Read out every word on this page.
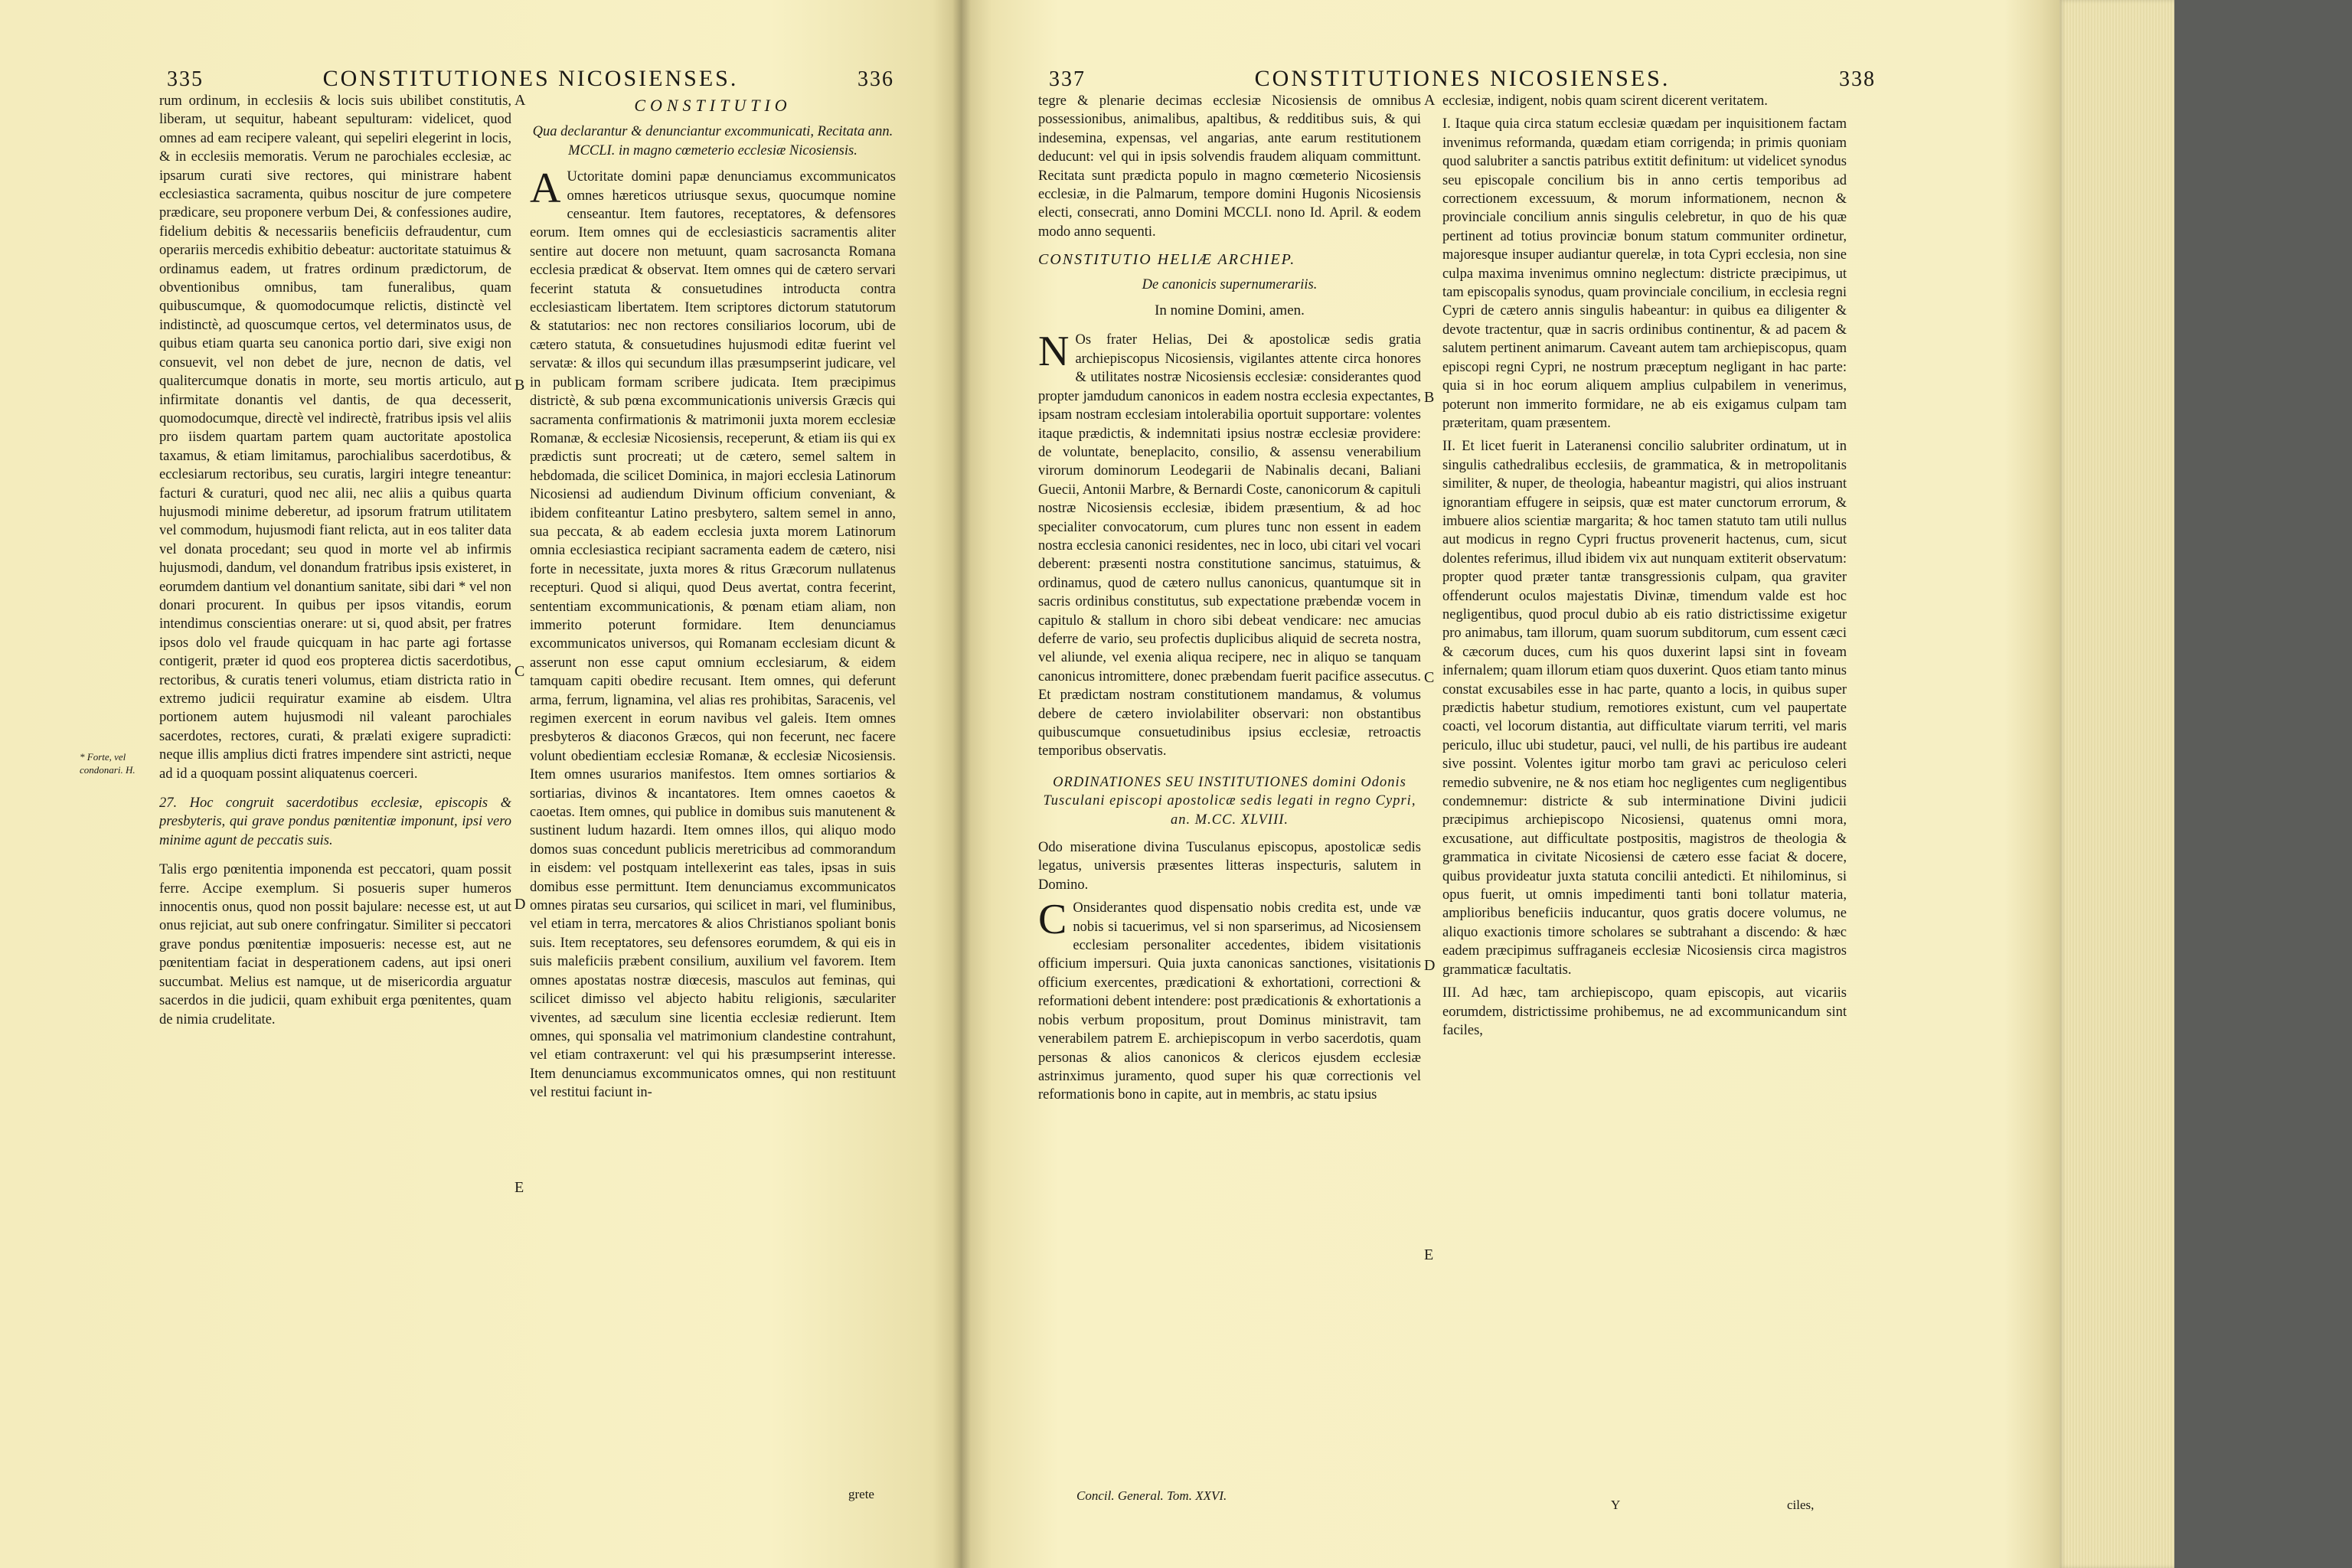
335	CONSTITUTIONES NICOSIENSES.	336

rum ordinum, in ecclesiis & locis suis ubilibet constitutis, liberam, ut sequitur, habeant sepulturam: videlicet, quod omnes ad eam recipere valeant, qui sepeliri elegerint in locis, & in ecclesiis memoratis. Verum ne parochiales ecclesiæ, ac ipsarum curati sive rectores, qui ministrare habent ecclesiastica sacramenta, quibus noscitur de jure competere prædicare, seu proponere verbum Dei, & confessiones audire, fidelium debitis & necessariis beneficiis defraudentur, cum operariis mercedis exhibitio debeatur: auctoritate statuimus & ordinamus eadem, ut fratres ordinum prædictorum, de obventionibus omnibus, tam funeralibus, quam quibuscumque, & quomodocumque relictis, distinctè vel indistinctè, ad quoscumque certos, vel determinatos usus, de quibus etiam quarta seu canonica portio dari, sive exigi non consuevit, vel non debet de jure, necnon de datis, vel qualitercumque donatis in morte, seu mortis articulo, aut infirmitate donantis vel dantis, de qua decesserit, quomodocumque, directè vel indirectè, fratribus ipsis vel aliis pro iisdem quartam partem quam auctoritate apostolica taxamus, & etiam limitamus, parochialibus sacerdotibus, & ecclesiarum rectoribus, seu curatis, largiri integre teneantur: facturi & curaturi, quod nec alii, nec aliis a quibus quarta hujusmodi minime deberetur, ad ipsorum fratrum utilitatem vel commodum, hujusmodi fiant relicta, aut in eos taliter data vel donata procedant; seu quod in morte vel ab infirmis hujusmodi, dandum, vel donandum fratribus ipsis existeret, in eorumdem dantium vel donantium sanitate, sibi dari * vel non donari procurent. In quibus per ipsos vitandis, eorum intendimus conscientias onerare: ut si, quod absit, per fratres ipsos dolo vel fraude quicquam in hac parte agi fortasse contigerit, præter id quod eos propterea dictis sacerdotibus, rectoribus, & curatis teneri volumus, etiam districta ratio in extremo judicii requiratur examine ab eisdem. Ultra portionem autem hujusmodi nil valeant parochiales sacerdotes, rectores, curati, & prælati exigere supradicti: neque illis amplius dicti fratres impendere sint astricti, neque ad id a quoquam possint aliquatenus coerceri.

27. Hoc congruit sacerdotibus ecclesiæ, episcopis & presbyteris, qui grave pondus pœnitentiæ imponunt, ipsi vero minime agunt de peccatis suis.

Talis ergo pœnitentia imponenda est peccatori, quam possit ferre. Accipe exemplum. Si posueris super humeros innocentis onus, quod non possit bajulare: necesse est, ut aut onus rejiciat, aut sub onere confringatur. Similiter si peccatori grave pondus pœnitentiæ imposueris: necesse est, aut ne pœnitentiam faciat in desperationem cadens, aut ipsi oneri succumbat. Melius est namque, ut de misericordia arguatur sacerdos in die judicii, quam exhibuit erga pœnitentes, quam de nimia crudelitate.

* Forte, vel condonari. H.
CONSTITUTIO
Qua declarantur & denunciantur excommunicati, Recitata ann. MCCLI. in magno cœmeterio ecclesiæ Nicosiensis.

A Uctoritate domini papæ denunciamus excommunicatos omnes hæreticos utriusque sexus, quocumque nomine censeantur. Item fautores, receptatores, & defensores eorum. Item omnes qui de ecclesiasticis sacramentis aliter sentire aut docere non metuunt, quam sacrosancta Romana ecclesia prædicat & observat. Item omnes qui de cætero servari fecerint statuta & consuetudines introducta contra ecclesiasticam libertatem. Item scriptores dictorum statutorum & statutarios: nec non rectores consiliarios locorum, ubi de cætero statuta, & consuetudines hujusmodi editæ fuerint vel servatæ: & illos qui secundum illas præsumpserint judicare, vel in publicam formam scribere judicata. Item præcipimus districtè, & sub pœna excommunicationis universis Græcis qui sacramenta confirmationis & matrimonii juxta morem ecclesiæ Romanæ, & ecclesiæ Nicosiensis, receperunt, & etiam iis qui ex prædictis sunt procreati; ut de cætero, semel saltem in hebdomada, die scilicet Dominica, in majori ecclesia Latinorum Nicosiensi ad audiendum Divinum officium conveniant, & ibidem confiteantur Latino presbytero, saltem semel in anno, sua peccata, & ab eadem ecclesia juxta morem Latinorum omnia ecclesiastica recipiant sacramenta eadem de cætero, nisi forte in necessitate, juxta mores & ritus Græcorum nullatenus recepturi. Quod si aliqui, quod Deus avertat, contra fecerint, sententiam excommunicationis, & pœnam etiam aliam, non immerito poterunt formidare. Item denunciamus excommunicatos universos, qui Romanam ecclesiam dicunt & asserunt non esse caput omnium ecclesiarum, & eidem tamquam capiti obedire recusant. Item omnes, qui deferunt arma, ferrum, lignamina, vel alias res prohibitas, Saracenis, vel regimen exercent in eorum navibus vel galeis. Item omnes presbyteros & diaconos Græcos, qui non fecerunt, nec facere volunt obedientiam ecclesiæ Romanæ, & ecclesiæ Nicosiensis. Item omnes usurarios manifestos. Item omnes sortiarios & sortiarias, divinos & incantatores. Item omnes caoetos & caoetas. Item omnes, qui publice in domibus suis manutenent & sustinent ludum hazardi. Item omnes illos, qui aliquo modo domos suas concedunt publicis meretricibus ad commorandum in eisdem: vel postquam intellexerint eas tales, ipsas in suis domibus esse permittunt. Item denunciamus excommunicatos omnes piratas seu cursarios, qui scilicet in mari, vel fluminibus, vel etiam in terra, mercatores & alios Christianos spoliant bonis suis. Item receptatores, seu defensores eorumdem, & qui eis in suis maleficiis præbent consilium, auxilium vel favorem. Item omnes apostatas nostræ diœcesis, masculos aut feminas, qui scilicet dimisso vel abjecto habitu religionis, sæculariter viventes, ad sæculum sine licentia ecclesiæ redierunt. Item omnes, qui sponsalia vel matrimonium clandestine contrahunt, vel etiam contraxerunt: vel qui his præsumpserint interesse. Item denunciamus excommunicatos omnes, qui non restituunt vel restitui faciunt in-

grete
A
B
C
D
E
337	CONSTITUTIONES NICOSIENSES.	338

tegre & plenarie decimas ecclesiæ Nicosiensis de omnibus possessionibus, animalibus, apaltibus, & redditibus suis, & qui indesemina, expensas, vel angarias, ante earum restitutionem deducunt: vel qui in ipsis solvendis fraudem aliquam committunt. Recitata sunt prædicta populo in magno cœmeterio Nicosiensis ecclesiæ, in die Palmarum, tempore domini Hugonis Nicosiensis electi, consecrati, anno Domini MCCLI. nono Id. April. & eodem modo anno sequenti.

CONSTITUTIO HELIÆ ARCHIEP.
De canonicis supernumerariis.
In nomine Domini, amen.

N Os frater Helias, Dei & apostolicæ sedis gratia archiepiscopus Nicosiensis, vigilantes attente circa honores & utilitates nostræ Nicosiensis ecclesiæ: considerantes quod propter jamdudum canonicos in eadem nostra ecclesia expectantes, ipsam nostram ecclesiam intolerabilia oportuit supportare: volentes itaque prædictis, & indemnitati ipsius nostræ ecclesiæ providere: de voluntate, beneplacito, consilio, & assensu venerabilium virorum dominorum Leodegarii de Nabinalis decani, Baliani Guecii, Antonii Marbre, & Bernardi Coste, canonicorum & capituli nostræ Nicosiensis ecclesiæ, ibidem præsentium, & ad hoc specialiter convocatorum, cum plures tunc non essent in eadem nostra ecclesia canonici residentes, nec in loco, ubi citari vel vocari deberent: præsenti nostra constitutione sancimus, statuimus, & ordinamus, quod de cætero nullus canonicus, quantumque sit in sacris ordinibus constitutus, sub expectatione præbendæ vocem in capitulo & stallum in choro sibi debeat vendicare: nec amucias deferre de vario, seu profectis duplicibus aliquid de secreta nostra, vel aliunde, vel exenia aliqua recipere, nec in aliquo se tanquam canonicus intromittere, donec præbendam fuerit pacifice assecutus. Et prædictam nostram constitutionem mandamus, & volumus debere de cætero inviolabiliter observari: non obstantibus quibuscumque consuetudinibus ipsius ecclesiæ, retroactis temporibus observatis.

ORDINATIONES SEU INSTITUTIONES domini Odonis Tusculani episcopi apostolicæ sedis legati in regno Cypri, an. M.CC. XLVIII.

Odo miseratione divina Tusculanus episcopus, apostolicæ sedis legatus, universis præsentes litteras inspecturis, salutem in Domino.

C Onsiderantes quod dispensatio nobis credita est, unde væ nobis si tacuerimus, vel si non sparserimus, ad Nicosiensem ecclesiam personaliter accedentes, ibidem visitationis officium impersuri. Quia juxta canonicas sanctiones, visitationis officium exercentes, prædicationi & exhortationi, correctioni & reformationi debent intendere: post prædicationis & exhortationis a nobis verbum propositum, prout Dominus ministravit, tam venerabilem patrem E. archiepiscopum in verbo sacerdotis, quam personas & alios canonicos & clericos ejusdem ecclesiæ astrinximus juramento, quod super his quæ correctionis vel reformationis bono in capite, aut in membris, ac statu ipsius

Concil. General. Tom. XXVI.

ecclesiæ, indigent, nobis quam scirent dicerent veritatem.

I. Itaque quia circa statum ecclesiæ quædam per inquisitionem factam invenimus reformanda, quædam etiam corrigenda; in primis quoniam quod salubriter a sanctis patribus extitit definitum: ut videlicet synodus seu episcopale concilium bis in anno certis temporibus ad correctionem excessuum, & morum informationem, necnon & provinciale concilium annis singulis celebretur, in quo de his quæ pertinent ad totius provinciæ bonum statum communiter ordinetur, majoresque insuper audiantur querelæ, in tota Cypri ecclesia, non sine culpa maxima invenimus omnino neglectum: districte præcipimus, ut tam episcopalis synodus, quam provinciale concilium, in ecclesia regni Cypri de cætero annis singulis habeantur: in quibus ea diligenter & devote tractentur, quæ in sacris ordinibus continentur, & ad pacem & salutem pertinent animarum. Caveant autem tam archiepiscopus, quam episcopi regni Cypri, ne nostrum præceptum negligant in hac parte: quia si in hoc eorum aliquem amplius culpabilem in venerimus, poterunt non immerito formidare, ne ab eis exigamus culpam tam præteritam, quam præsentem.

II. Et licet fuerit in Lateranensi concilio salubriter ordinatum, ut in singulis cathedralibus ecclesiis, de grammatica, & in metropolitanis similiter, & nuper, de theologia, habeantur magistri, qui alios instruant ignorantiam effugere in seipsis, quæ est mater cunctorum errorum, & imbuere alios scientiæ margarita; & hoc tamen statuto tam utili nullus aut modicus in regno Cypri fructus provenerit hactenus, cum, sicut dolentes referimus, illud ibidem vix aut nunquam extiterit observatum: propter quod præter tantæ transgressionis culpam, qua graviter offenderunt oculos majestatis Divinæ, timendum valde est hoc negligentibus, quod procul dubio ab eis ratio districtissime exigetur pro animabus, tam illorum, quam suorum subditorum, cum essent cæci & cæcorum duces, cum his quos duxerint lapsi sint in foveam infernalem; quam illorum etiam quos duxerint. Quos etiam tanto minus constat excusabiles esse in hac parte, quanto a locis, in quibus super prædictis habetur studium, remotiores existunt, cum vel paupertate coacti, vel locorum distantia, aut difficultate viarum territi, vel maris periculo, illuc ubi studetur, pauci, vel nulli, de his partibus ire audeant sive possint. Volentes igitur morbo tam gravi ac periculoso celeri remedio subvenire, ne & nos etiam hoc negligentes cum negligentibus condemnemur: districte & sub interminatione Divini judicii præcipimus archiepiscopo Nicosiensi, quatenus omni mora, excusatione, aut difficultate postpositis, magistros de theologia & grammatica in civitate Nicosiensi de cætero esse faciat & docere, quibus provideatur juxta statuta concilii antedicti. Et nihilominus, si opus fuerit, ut omnis impedimenti tanti boni tollatur materia, amplioribus beneficiis inducantur, quos gratis docere volumus, ne aliquo exactionis timore scholares se subtrahant a discendo: & hæc eadem præcipimus suffraganeis ecclesiæ Nicosiensis circa magistros grammaticæ facultatis.

III. Ad hæc, tam archiepiscopo, quam episcopis, aut vicariis eorumdem, districtissime prohibemus, ne ad excommunicandum sint faciles,

Y	ciles,
A
B
C
D
E
